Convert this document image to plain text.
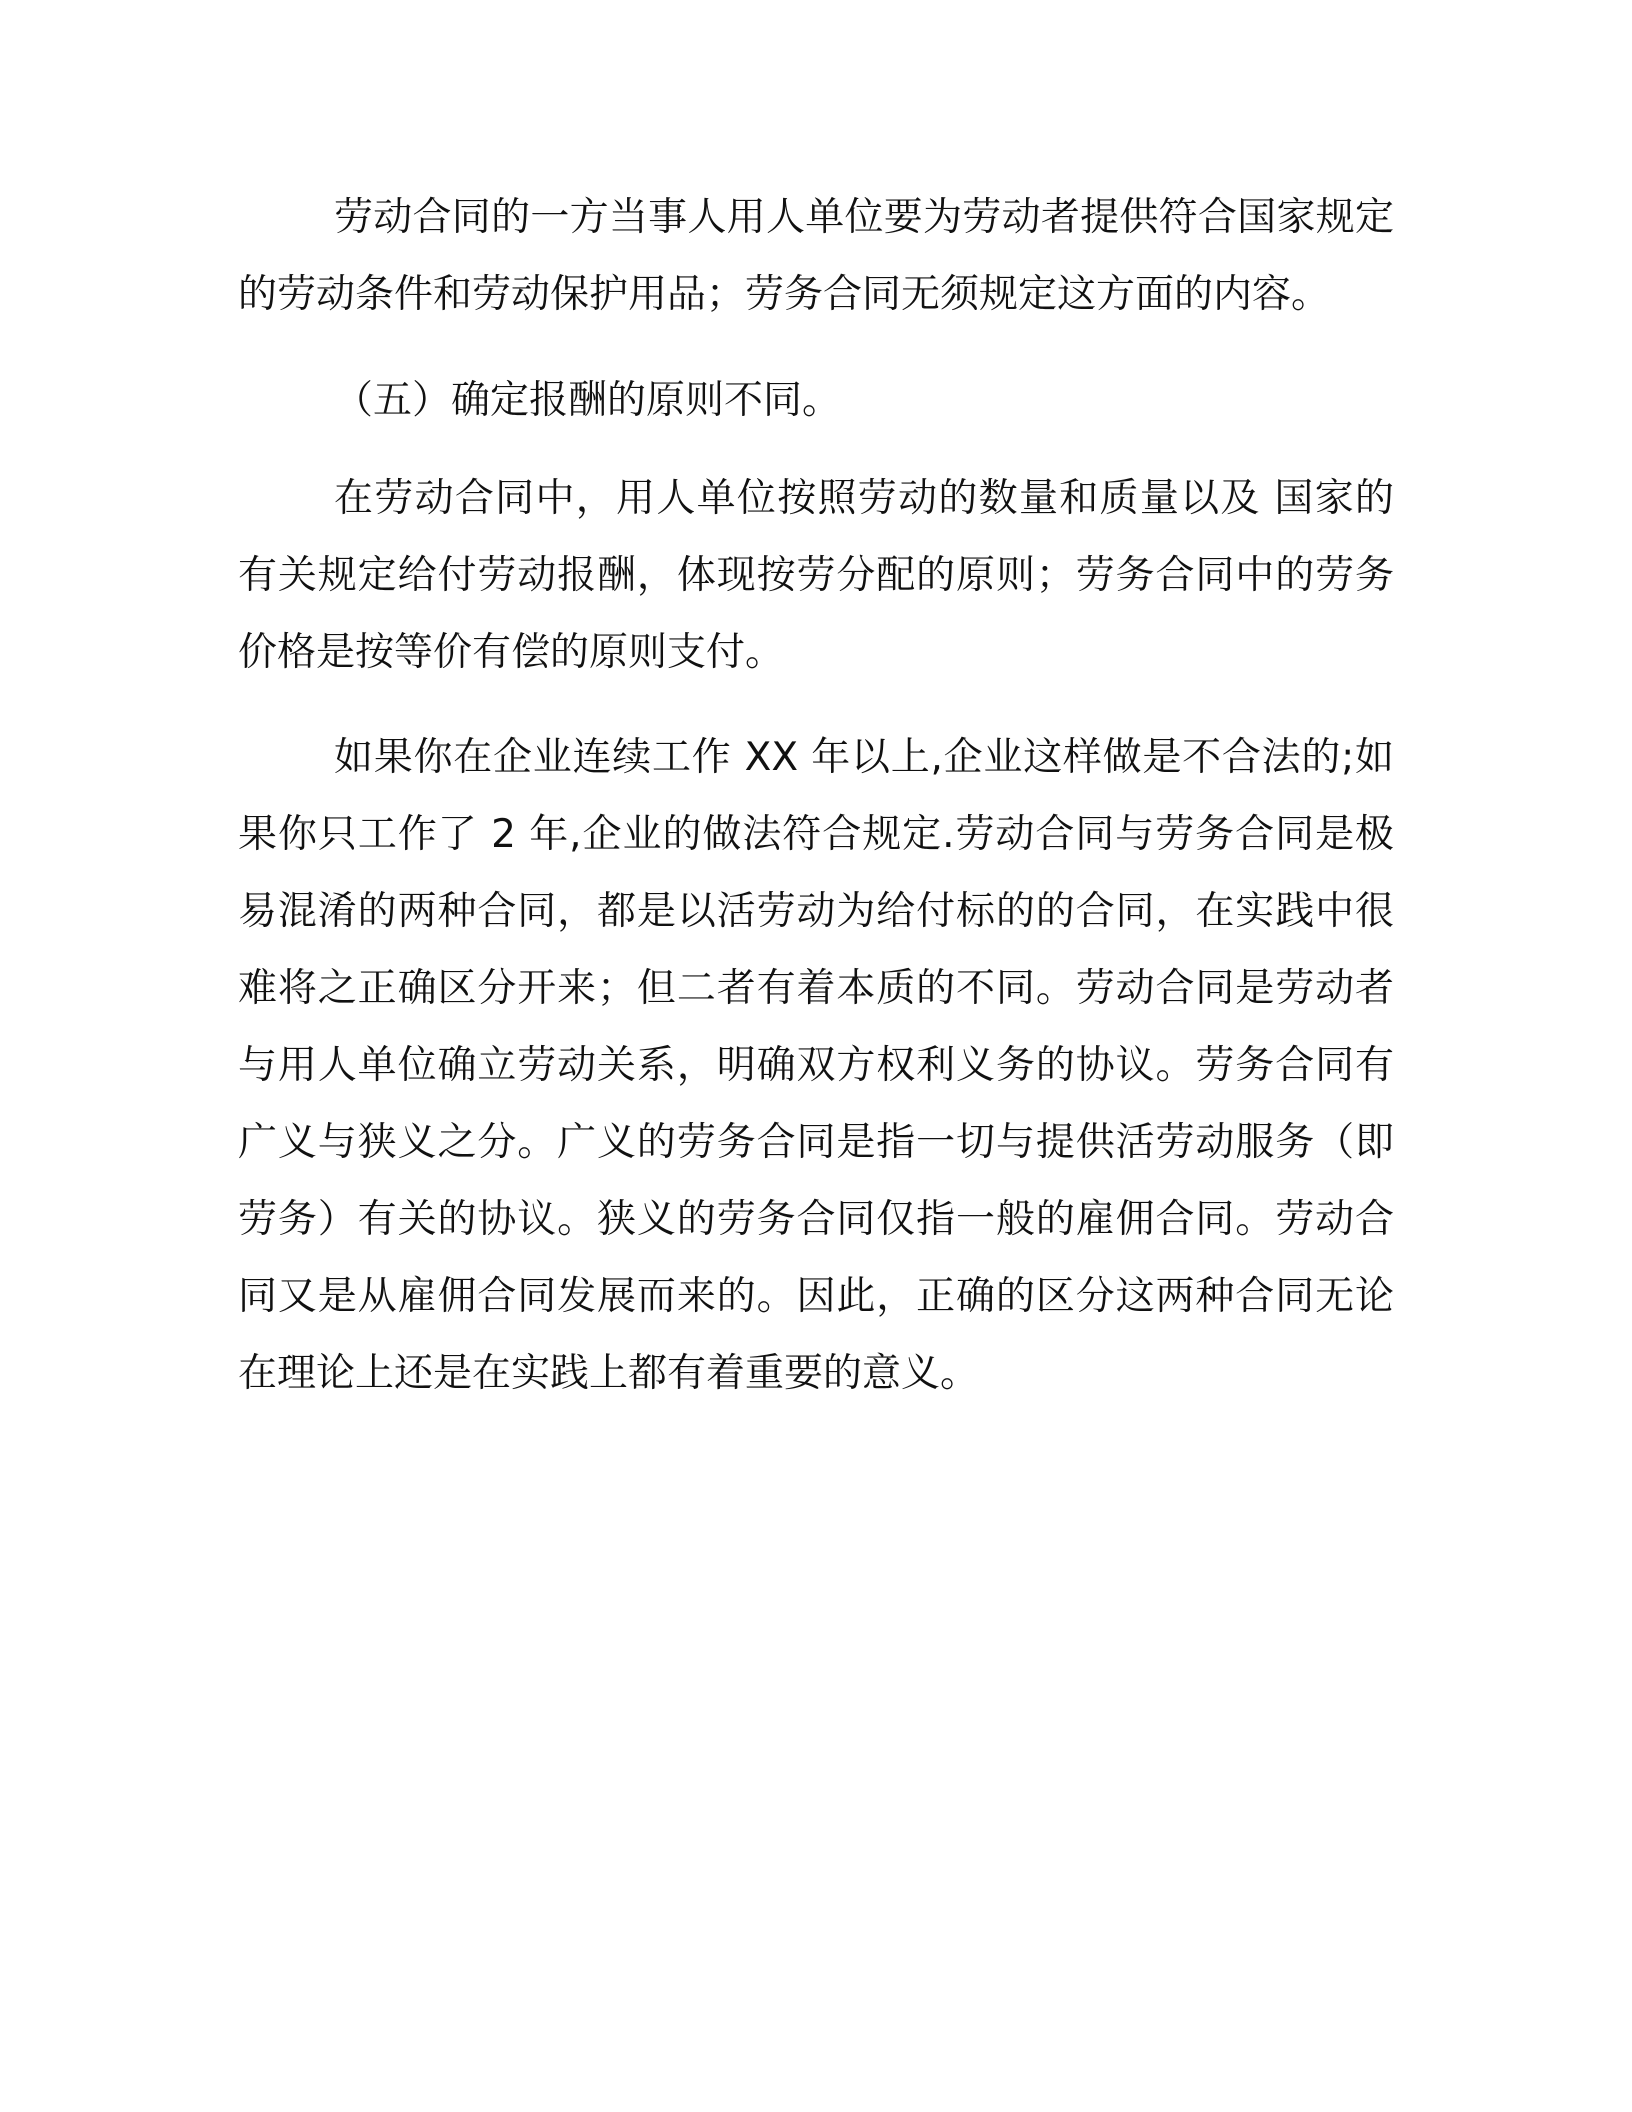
劳动合同的一方当事人用人单位要为劳动者提供符合国家规定的劳动条件和劳动保护用品；劳务合同无须规定这方面的内容。

（五）确定报酬的原则不同。

在劳动合同中，用人单位按照劳动的数量和质量以及 国家的有关规定给付劳动报酬，体现按劳分配的原则；劳务合同中的劳务价格是按等价有偿的原则支付。

如果你在企业连续工作 XX 年以上,企业这样做是不合法的;如果你只工作了 2 年,企业的做法符合规定.劳动合同与劳务合同是极易混淆的两种合同，都是以活劳动为给付标的的合同，在实践中很难将之正确区分开来；但二者有着本质的不同。劳动合同是劳动者与用人单位确立劳动关系，明确双方权利义务的协议。劳务合同有广义与狭义之分。广义的劳务合同是指一切与提供活劳动服务（即劳务）有关的协议。狭义的劳务合同仅指一般的雇佣合同。劳动合同又是从雇佣合同发展而来的。因此，正确的区分这两种合同无论在理论上还是在实践上都有着重要的意义。
